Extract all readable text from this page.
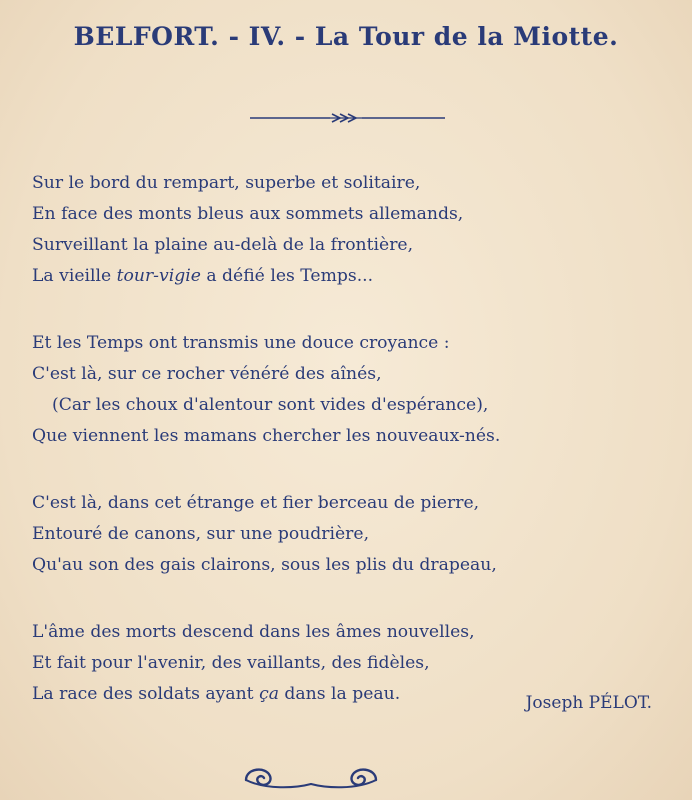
BELFORT. - IV. - La Tour de la Miotte.
Sur le bord du rempart, superbe et solitaire,
En face des monts bleus aux sommets allemands,
Surveillant la plaine au-delà de la frontière,
La vieille tour-vigie a défié les Temps...
Et les Temps ont transmis une douce croyance :
C'est là, sur ce rocher vénéré des aînés,
(Car les choux d'alentour sont vides d'espérance),
Que viennent les mamans chercher les nouveaux-nés.
C'est là, dans cet étrange et fier berceau de pierre,
Entouré de canons, sur une poudrière,
Qu'au son des gais clairons, sous les plis du drapeau,
L'âme des morts descend dans les âmes nouvelles,
Et fait pour l'avenir, des vaillants, des fidèles,
La race des soldats ayant ça dans la peau.	Joseph PÉLOT.
